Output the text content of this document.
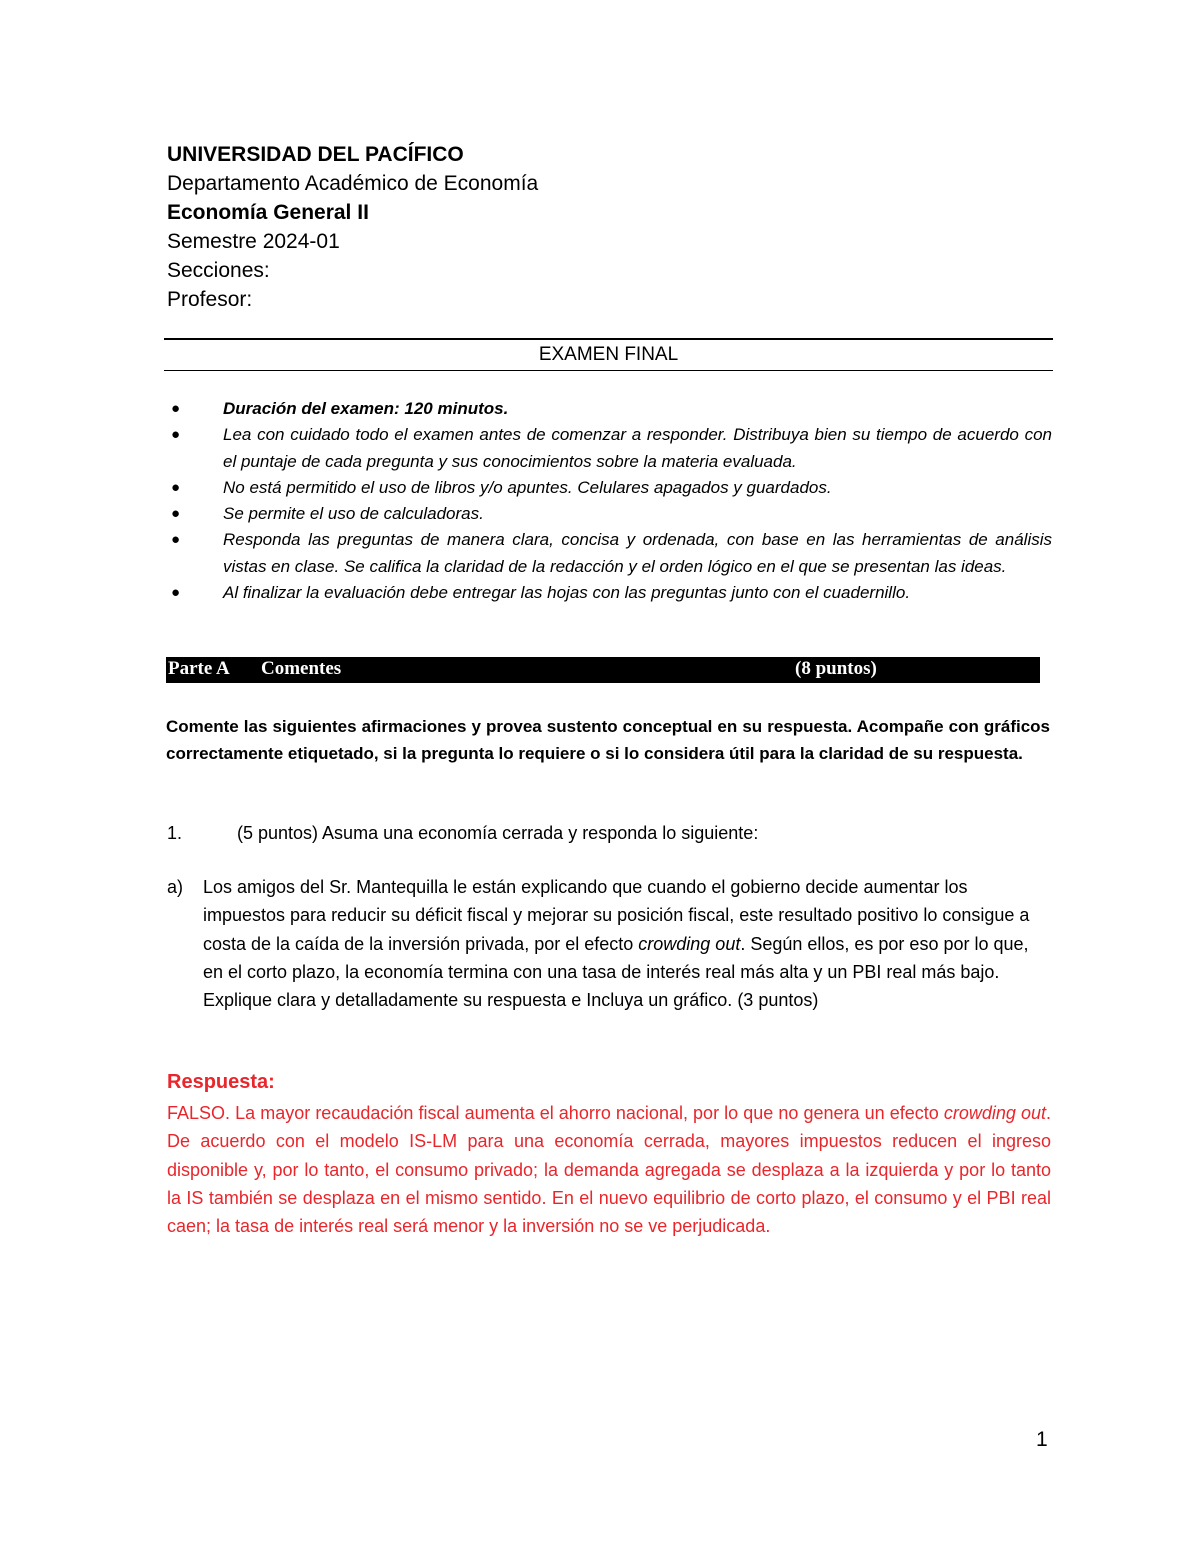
UNIVERSIDAD DEL PACÍFICO
Departamento Académico de Economía
Economía General II
Semestre 2024-01
Secciones:
Profesor:
EXAMEN FINAL
●	Duración del examen: 120 minutos.
●	Lea con cuidado todo el examen antes de comenzar a responder. Distribuya bien su tiempo de acuerdo con el puntaje de cada pregunta y sus conocimientos sobre la materia evaluada.
●	No está permitido el uso de libros y/o apuntes. Celulares apagados y guardados.
●	Se permite el uso de calculadoras.
●	Responda las preguntas de manera clara, concisa y ordenada, con base en las herramientas de análisis vistas en clase. Se califica la claridad de la redacción y el orden lógico en el que se presentan las ideas.
●	Al finalizar la evaluación debe entregar las hojas con las preguntas junto con el cuadernillo.
Parte A Comentes	(8 puntos)
Comente las siguientes afirmaciones y provea sustento conceptual en su respuesta. Acompañe con gráficos correctamente etiquetado, si la pregunta lo requiere o si lo considera útil para la claridad de su respuesta.
1.	(5 puntos) Asuma una economía cerrada y responda lo siguiente:
a) Los amigos del Sr. Mantequilla le están explicando que cuando el gobierno decide aumentar los impuestos para reducir su déficit fiscal y mejorar su posición fiscal, este resultado positivo lo consigue a costa de la caída de la inversión privada, por el efecto crowding out. Según ellos, es por eso por lo que, en el corto plazo, la economía termina con una tasa de interés real más alta y un PBI real más bajo. Explique clara y detalladamente su respuesta e Incluya un gráfico. (3 puntos)
Respuesta:
FALSO. La mayor recaudación fiscal aumenta el ahorro nacional, por lo que no genera un efecto crowding out. De acuerdo con el modelo IS-LM para una economía cerrada, mayores impuestos reducen el ingreso disponible y, por lo tanto, el consumo privado; la demanda agregada se desplaza a la izquierda y por lo tanto la IS también se desplaza en el mismo sentido. En el nuevo equilibrio de corto plazo, el consumo y el PBI real caen; la tasa de interés real será menor y la inversión no se ve perjudicada.
1
